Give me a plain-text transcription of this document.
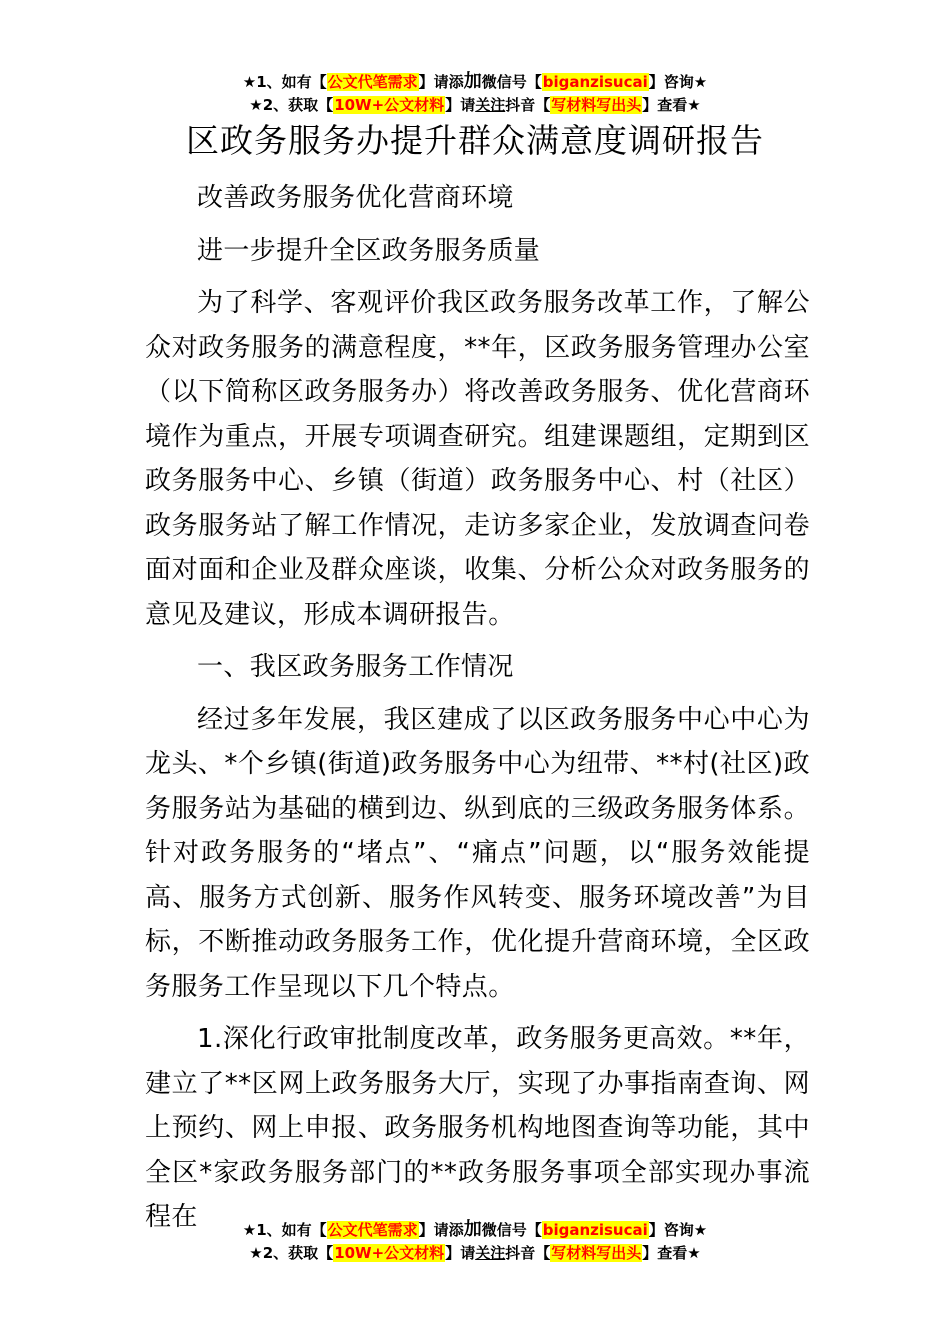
★1、如有【公文代笔需求】请添加微信号【biganzisucai】咨询★
★2、获取【10W+公文材料】请关注抖音【写材料写出头】查看★
区政务服务办提升群众满意度调研报告

改善政务服务优化营商环境

进一步提升全区政务服务质量

为了科学、客观评价我区政务服务改革工作，了解公众对政务服务的满意程度，**年，区政务服务管理办公室（以下简称区政务服务办）将改善政务服务、优化营商环境作为重点，开展专项调查研究。组建课题组，定期到区政务服务中心、乡镇（街道）政务服务中心、村（社区）政务服务站了解工作情况，走访多家企业，发放调查问卷面对面和企业及群众座谈，收集、分析公众对政务服务的意见及建议，形成本调研报告。

一、我区政务服务工作情况

经过多年发展，我区建成了以区政务服务中心中心为龙头、*个乡镇(街道)政务服务中心为纽带、**村(社区)政务服务站为基础的横到边、纵到底的三级政务服务体系。针对政务服务的“堵点”、“痛点”问题，以“服务效能提高、服务方式创新、服务作风转变、服务环境改善”为目标，不断推动政务服务工作，优化提升营商环境，全区政务服务工作呈现以下几个特点。

1.深化行政审批制度改革，政务服务更高效。**年，建立了**区网上政务服务大厅，实现了办事指南查询、网上预约、网上申报、政务服务机构地图查询等功能，其中全区*家政务服务部门的**政务服务事项全部实现办事流程在	★1、如有【公文代笔需求】请添加微信号【biganzisucai】咨询★
★2、获取【10W+公文材料】请关注抖音【写材料写出头】查看★
